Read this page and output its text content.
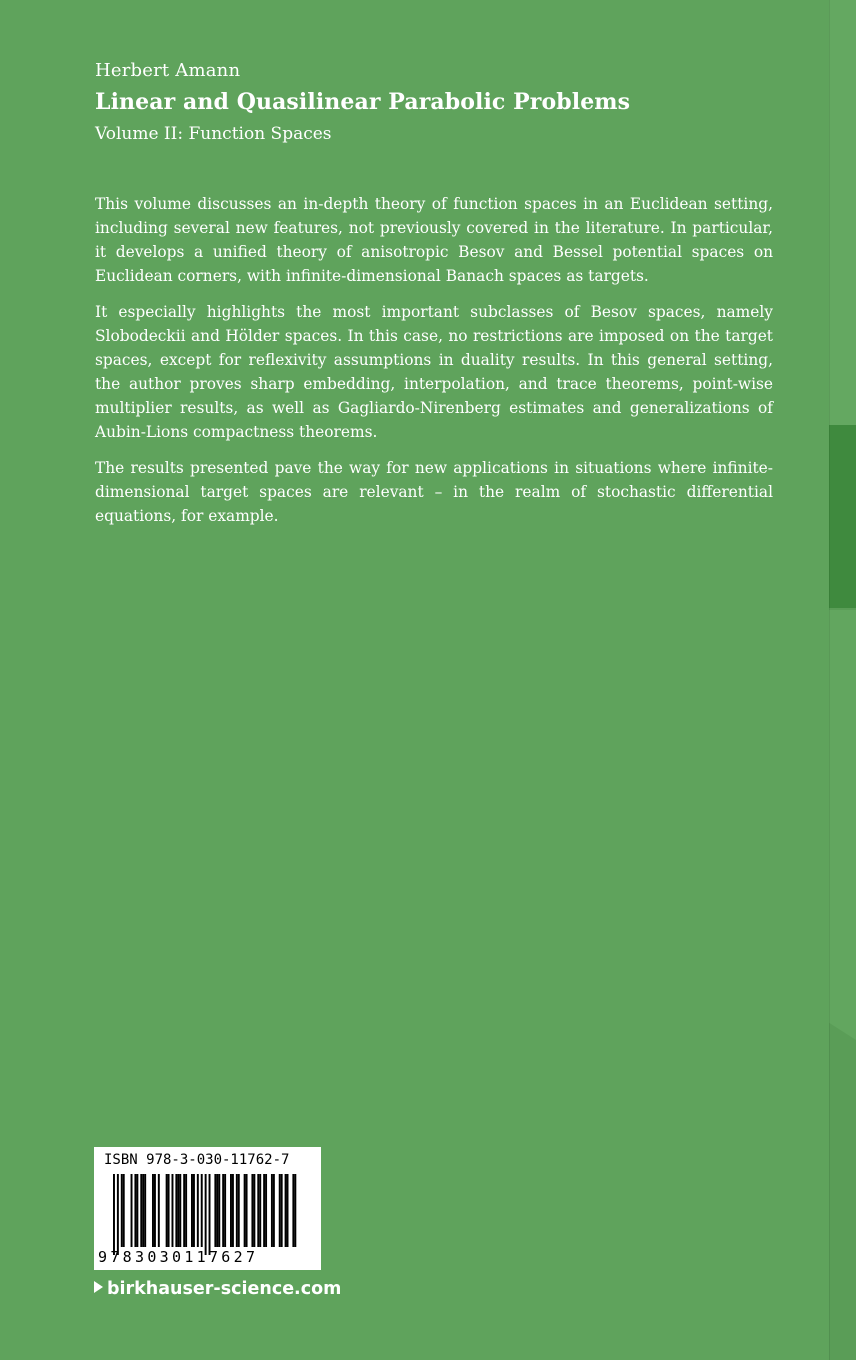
Herbert Amann
Linear and Quasilinear Parabolic Problems
Volume II: Function Spaces

This volume discusses an in-depth theory of function spaces in an Euclidean setting, including several new features, not previously covered in the literature. In particular, it develops a unified theory of anisotropic Besov and Bessel potential spaces on Euclidean corners, with infinite-dimensional Banach spaces as targets.

It especially highlights the most important subclasses of Besov spaces, namely Slobodeckii and Hölder spaces. In this case, no restrictions are imposed on the target spaces, except for reflexivity assumptions in duality results. In this general setting, the author proves sharp embedding, interpolation, and trace theorems, point-wise multiplier results, as well as Gagliardo-Nirenberg estimates and generalizations of Aubin-Lions compactness theorems.

The results presented pave the way for new applications in situations where infinite-dimensional target spaces are relevant – in the realm of stochastic differential equations, for example.

ISBN 978-3-030-11762-7
9783030117627
birkhauser-science.com
